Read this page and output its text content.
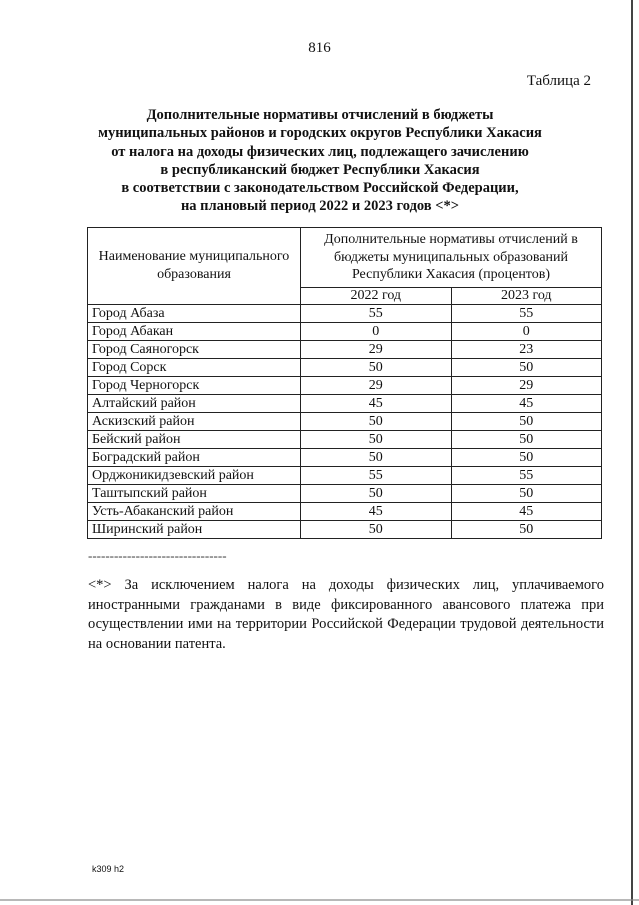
816
Таблица 2
Дополнительные нормативы отчислений в бюджеты
муниципальных районов и городских округов Республики Хакасия
от налога на доходы физических лиц, подлежащего зачислению
в республиканский бюджет Республики Хакасия
в соответствии с законодательством Российской Федерации,
на плановый период 2022 и 2023 годов <*>
Наименование муниципального образования	Дополнительные нормативы отчислений в бюджеты муниципальных образований Республики Хакасия (процентов)	
	2022 год	2023 год
Город Абаза	55	55
Город Абакан	0	0
Город Саяногорск	29	23
Город Сорск	50	50
Город Черногорск	29	29
Алтайский район	45	45
Аскизский район	50	50
Бейский район	50	50
Боградский район	50	50
Орджоникидзевский район	55	55
Таштыпский район	50	50
Усть-Абаканский район	45	45
Ширинский район	50	50
--------------------------------
<*> За исключением налога на доходы физических лиц, уплачиваемого иностранными гражданами в виде фиксированного авансового платежа при осуществлении ими на территории Российской Федерации трудовой деятельности на основании патента.
k309 h2
